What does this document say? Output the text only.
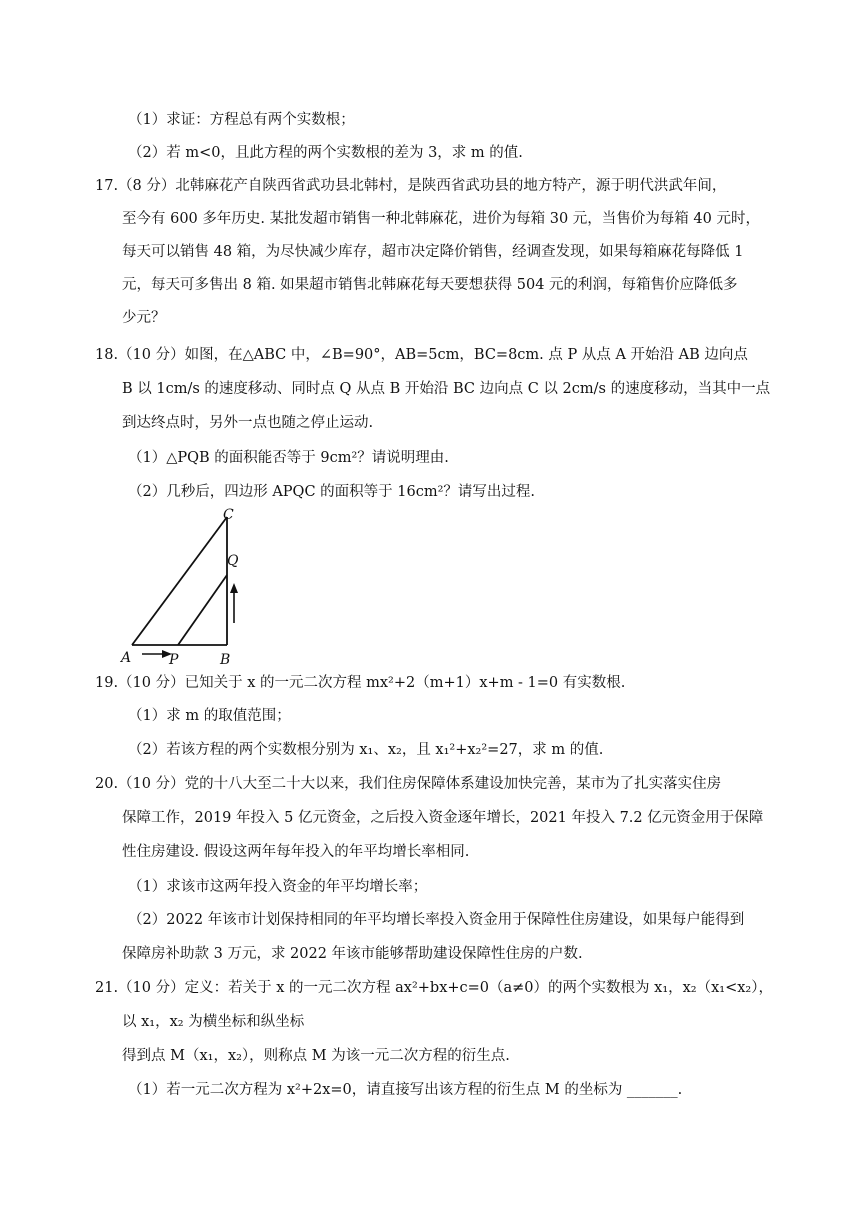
（1）求证：方程总有两个实数根；
（2）若 m<0，且此方程的两个实数根的差为 3，求 m 的值.
17.（8 分）北韩麻花产自陕西省武功县北韩村，是陕西省武功县的地方特产，源于明代洪武年间，
至今有 600 多年历史. 某批发超市销售一种北韩麻花，进价为每箱 30 元，当售价为每箱 40 元时，
每天可以销售 48 箱，为尽快减少库存，超市决定降价销售，经调查发现，如果每箱麻花每降低 1
元，每天可多售出 8 箱. 如果超市销售北韩麻花每天要想获得 504 元的利润，每箱售价应降低多
少元？
18.（10 分）如图，在△ABC 中，∠B=90°，AB=5cm，BC=8cm. 点 P 从点 A 开始沿 AB 边向点
B 以 1cm/s 的速度移动、同时点 Q 从点 B 开始沿 BC 边向点 C 以 2cm/s 的速度移动，当其中一点
到达终点时，另外一点也随之停止运动.
（1）△PQB 的面积能否等于 9cm²？请说明理由.
（2）几秒后，四边形 APQC 的面积等于 16cm²？请写出过程.
A	P	B
C
Q
19.（10 分）已知关于 x 的一元二次方程 mx²+2（m+1）x+m - 1=0 有实数根.
（1）求 m 的取值范围；
（2）若该方程的两个实数根分别为 x₁、x₂，且 x₁²+x₂²=27，求 m 的值.
20.（10 分）党的十八大至二十大以来，我们住房保障体系建设加快完善，某市为了扎实落实住房
保障工作，2019 年投入 5 亿元资金，之后投入资金逐年增长，2021 年投入 7.2 亿元资金用于保障
性住房建设. 假设这两年每年投入的年平均增长率相同.
（1）求该市这两年投入资金的年平均增长率；
（2）2022 年该市计划保持相同的年平均增长率投入资金用于保障性住房建设，如果每户能得到
保障房补助款 3 万元，求 2022 年该市能够帮助建设保障性住房的户数.
21.（10 分）定义：若关于 x 的一元二次方程 ax²+bx+c=0（a≠0）的两个实数根为 x₁，x₂（x₁<x₂），
以 x₁，x₂ 为横坐标和纵坐标
得到点 M（x₁，x₂），则称点 M 为该一元二次方程的衍生点.
（1）若一元二次方程为 x²+2x=0，请直接写出该方程的衍生点 M 的坐标为 _______.
